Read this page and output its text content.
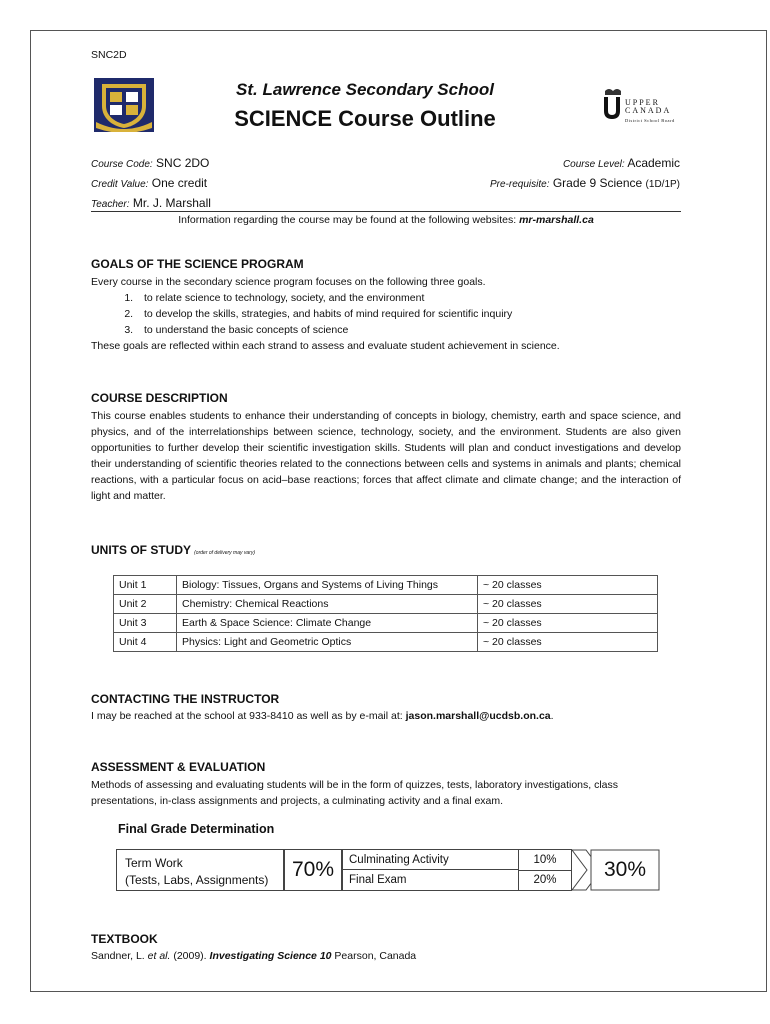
SNC2D
St. Lawrence Secondary School
SCIENCE Course Outline
UPPER
CANADA
District School Board
Course Code: SNC 2DO
Credit Value: One credit
Teacher: Mr. J. Marshall
Course Level: Academic
Pre-requisite: Grade 9 Science (1D/1P)
Information regarding the course may be found at the following websites: mr-marshall.ca
GOALS OF THE SCIENCE PROGRAM
Every course in the secondary science program focuses on the following three goals.
1. to relate science to technology, society, and the environment
2. to develop the skills, strategies, and habits of mind required for scientific inquiry
3. to understand the basic concepts of science
These goals are reflected within each strand to assess and evaluate student achievement in science.
COURSE DESCRIPTION
This course enables students to enhance their understanding of concepts in biology, chemistry, earth and space science, and physics, and of the interrelationships between science, technology, society, and the environment. Students are also given opportunities to further develop their scientific investigation skills. Students will plan and conduct investigations and develop their understanding of scientific theories related to the connections between cells and systems in animals and plants; chemical reactions, with a particular focus on acid–base reactions; forces that affect climate and climate change; and the interaction of light and matter.
UNITS OF STUDY (order of delivery may vary)
Unit 1	Biology: Tissues, Organs and Systems of Living Things	~ 20 classes
Unit 2	Chemistry: Chemical Reactions	~ 20 classes
Unit 3	Earth & Space Science: Climate Change	~ 20 classes
Unit 4	Physics: Light and Geometric Optics	~ 20 classes
CONTACTING THE INSTRUCTOR
I may be reached at the school at 933-8410 as well as by e-mail at: jason.marshall@ucdsb.on.ca.
ASSESSMENT & EVALUATION
Methods of assessing and evaluating students will be in the form of quizzes, tests, laboratory investigations, class presentations, in-class assignments and projects, a culminating activity and a final exam.
Final Grade Determination
Term Work
(Tests, Labs, Assignments)	70%	Culminating Activity	10%
Final Exam	20%	30%
TEXTBOOK
Sandner, L. et al. (2009). Investigating Science 10 Pearson, Canada
